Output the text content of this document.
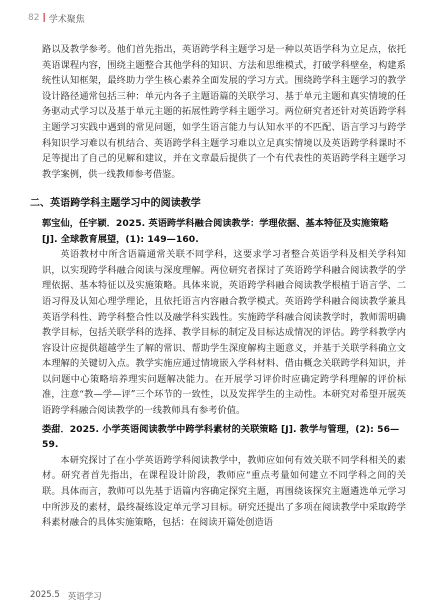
82 | 学术聚焦

路以及教学参考。他们首先指出，英语跨学科主题学习是一种以英语学科为立足点，依托英语课程内容，围绕主题整合其他学科的知识、方法和思维模式，打破学科壁垒，构建系统性认知框架，最终助力学生核心素养全面发展的学习方式。围绕跨学科主题学习的教学设计路径通常包括三种：单元内各子主题语篇的关联学习、基于单元主题和真实情境的任务驱动式学习以及基于单元主题的拓展性跨学科主题学习。两位研究者还针对英语跨学科主题学习实践中遇到的常见问题，如学生语言能力与认知水平的不匹配、语言学习与跨学科知识学习难以有机结合、英语跨学科主题学习难以立足真实情境以及英语跨学科课时不足等提出了自己的见解和建议，并在文章最后提供了一个有代表性的英语跨学科主题学习教学案例，供一线教师参考借鉴。

二、英语跨学科主题学习中的阅读教学
郭宝仙，任宇颖．2025. 英语跨学科融合阅读教学：学理依据、基本特征及实施策略 [J]. 全球教育展望，(1): 149—160.

英语教材中所含语篇通常关联不同学科，这要求学习者整合英语学科及相关学科知识，以实现跨学科融合阅读与深度理解。两位研究者探讨了英语跨学科融合阅读教学的学理依据、基本特征以及实施策略。具体来说，英语跨学科融合阅读教学根植于语言学、二语习得及认知心理学理论，且依托语言内容融合教学模式。英语跨学科融合阅读教学兼具英语学科性、跨学科整合性以及融学科实践性。实施跨学科融合阅读教学时，教师需明确教学目标，包括关联学科的选择、教学目标的制定及目标达成情况的评估。跨学科教学内容设计应提供超越学生了解的常识、帮助学生深度解构主题意义，并基于关联学科确立文本理解的关键切入点。教学实施应通过情境嵌入学科材料、借由概念关联跨学科知识，并以问题中心策略培养理实问题解决能力。在开展学习评价时应确定跨学科理解的评价标准，注意“教—学—评”三个环节的一致性，以及发挥学生的主动性。本研究对希望开展英语跨学科融合阅读教学的一线教师具有参考价值。

娄甜．2025. 小学英语阅读教学中跨学科素材的关联策略 [J]. 教学与管理，(2): 56—59.

本研究探讨了在小学英语跨学科阅读教学中，教师应如何有效关联不同学科相关的素材。研究者首先指出，在课程设计阶段，教师应“重点考量如何建立不同学科之间的关联。具体而言，教师可以先基于语篇内容确定探究主题，再围绕该探究主题遴选单元学习中所涉及的素材，最终凝练设定单元学习目标。研究还提出了多项在阅读教学中采取跨学科素材融合的具体实施策略，包括：在阅读开篇处创造语

2025.5 英语学习
